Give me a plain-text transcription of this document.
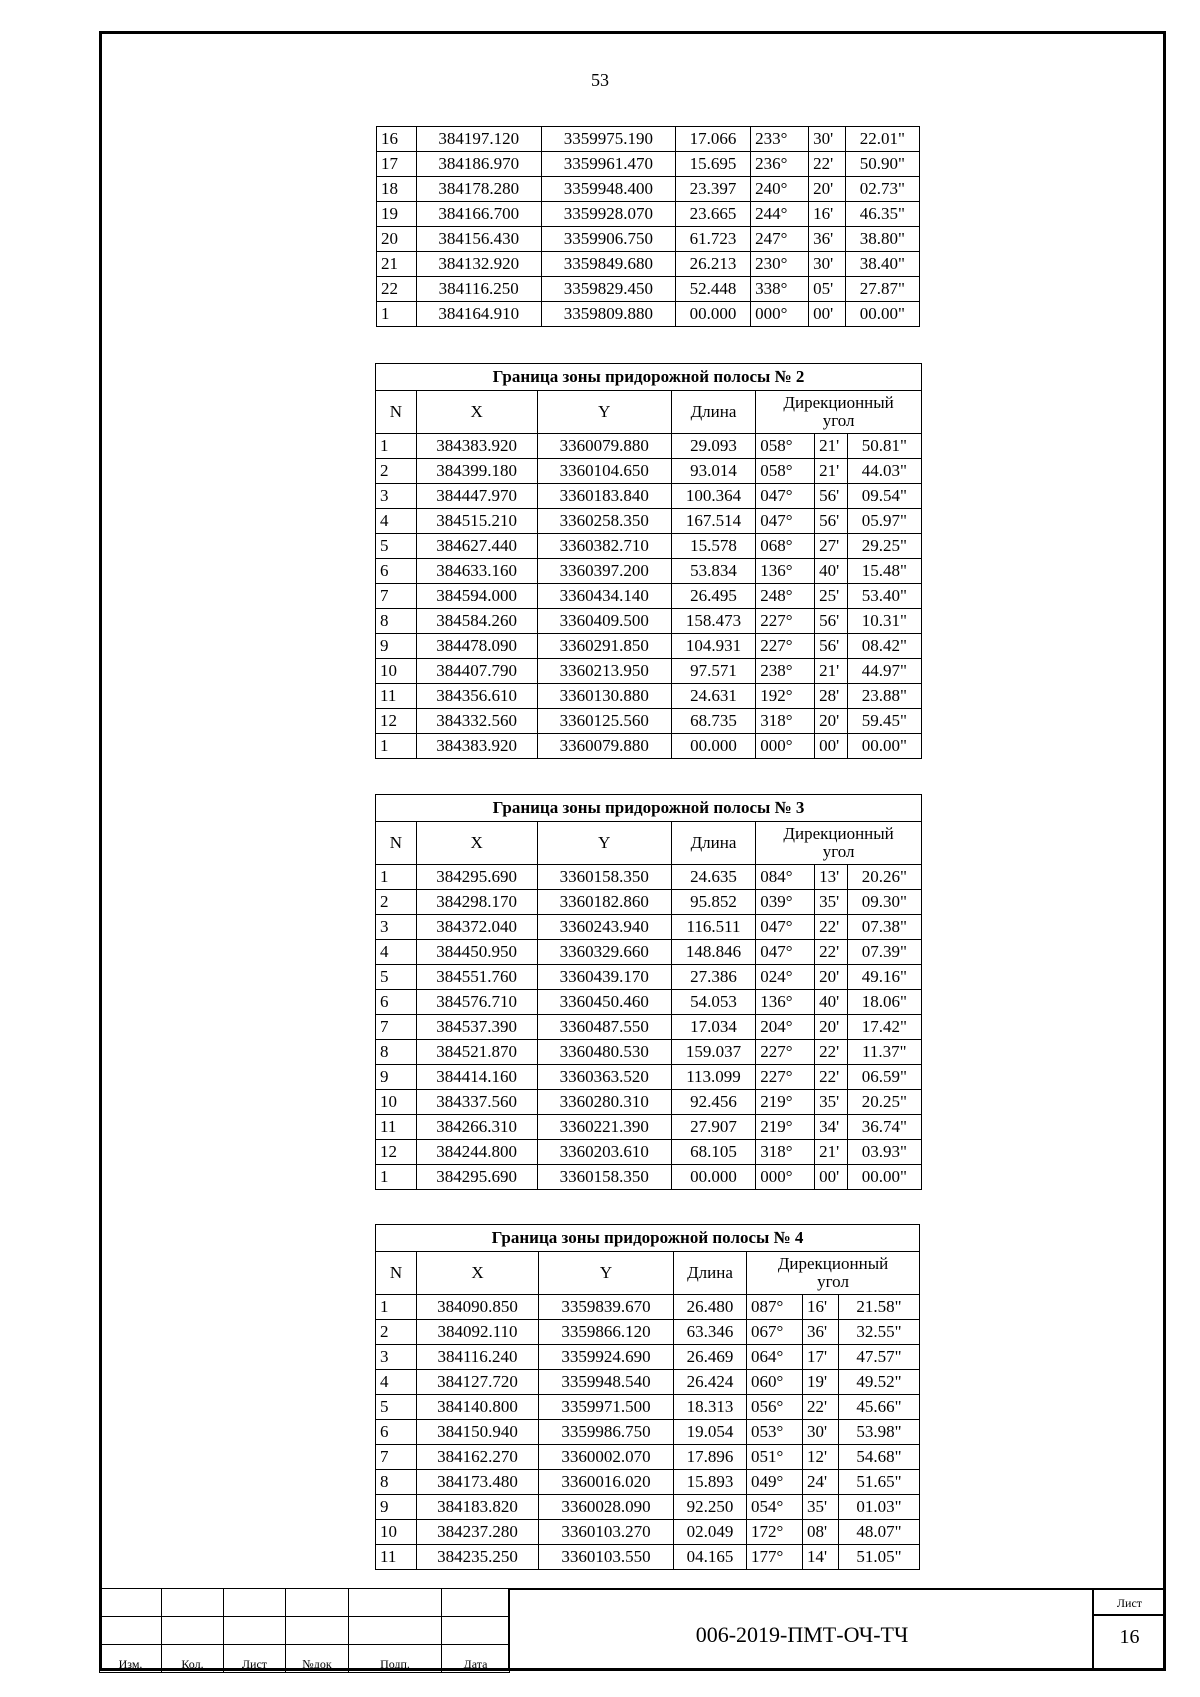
53
16	384197.120	3359975.190	17.066	233°	30'	22.01"
17	384186.970	3359961.470	15.695	236°	22'	50.90"
18	384178.280	3359948.400	23.397	240°	20'	02.73"
19	384166.700	3359928.070	23.665	244°	16'	46.35"
20	384156.430	3359906.750	61.723	247°	36'	38.80"
21	384132.920	3359849.680	26.213	230°	30'	38.40"
22	384116.250	3359829.450	52.448	338°	05'	27.87"
1	384164.910	3359809.880	00.000	000°	00'	00.00"
Граница зоны придорожной полосы № 2						
N	X	Y	Длина	Дирекционный
угол		
1	384383.920	3360079.880	29.093	058°	21'	50.81"
2	384399.180	3360104.650	93.014	058°	21'	44.03"
3	384447.970	3360183.840	100.364	047°	56'	09.54"
4	384515.210	3360258.350	167.514	047°	56'	05.97"
5	384627.440	3360382.710	15.578	068°	27'	29.25"
6	384633.160	3360397.200	53.834	136°	40'	15.48"
7	384594.000	3360434.140	26.495	248°	25'	53.40"
8	384584.260	3360409.500	158.473	227°	56'	10.31"
9	384478.090	3360291.850	104.931	227°	56'	08.42"
10	384407.790	3360213.950	97.571	238°	21'	44.97"
11	384356.610	3360130.880	24.631	192°	28'	23.88"
12	384332.560	3360125.560	68.735	318°	20'	59.45"
1	384383.920	3360079.880	00.000	000°	00'	00.00"
Граница зоны придорожной полосы № 3						
N	X	Y	Длина	Дирекционный
угол		
1	384295.690	3360158.350	24.635	084°	13'	20.26"
2	384298.170	3360182.860	95.852	039°	35'	09.30"
3	384372.040	3360243.940	116.511	047°	22'	07.38"
4	384450.950	3360329.660	148.846	047°	22'	07.39"
5	384551.760	3360439.170	27.386	024°	20'	49.16"
6	384576.710	3360450.460	54.053	136°	40'	18.06"
7	384537.390	3360487.550	17.034	204°	20'	17.42"
8	384521.870	3360480.530	159.037	227°	22'	11.37"
9	384414.160	3360363.520	113.099	227°	22'	06.59"
10	384337.560	3360280.310	92.456	219°	35'	20.25"
11	384266.310	3360221.390	27.907	219°	34'	36.74"
12	384244.800	3360203.610	68.105	318°	21'	03.93"
1	384295.690	3360158.350	00.000	000°	00'	00.00"
Граница зоны придорожной полосы № 4						
N	X	Y	Длина	Дирекционный
угол		
1	384090.850	3359839.670	26.480	087°	16'	21.58"
2	384092.110	3359866.120	63.346	067°	36'	32.55"
3	384116.240	3359924.690	26.469	064°	17'	47.57"
4	384127.720	3359948.540	26.424	060°	19'	49.52"
5	384140.800	3359971.500	18.313	056°	22'	45.66"
6	384150.940	3359986.750	19.054	053°	30'	53.98"
7	384162.270	3360002.070	17.896	051°	12'	54.68"
8	384173.480	3360016.020	15.893	049°	24'	51.65"
9	384183.820	3360028.090	92.250	054°	35'	01.03"
10	384237.280	3360103.270	02.049	172°	08'	48.07"
11	384235.250	3360103.550	04.165	177°	14'	51.05"

Изм.	Кол.	Лист	№док	Подп.	Дата
006-2019-ПМТ-ОЧ-ТЧ
Лист
16
